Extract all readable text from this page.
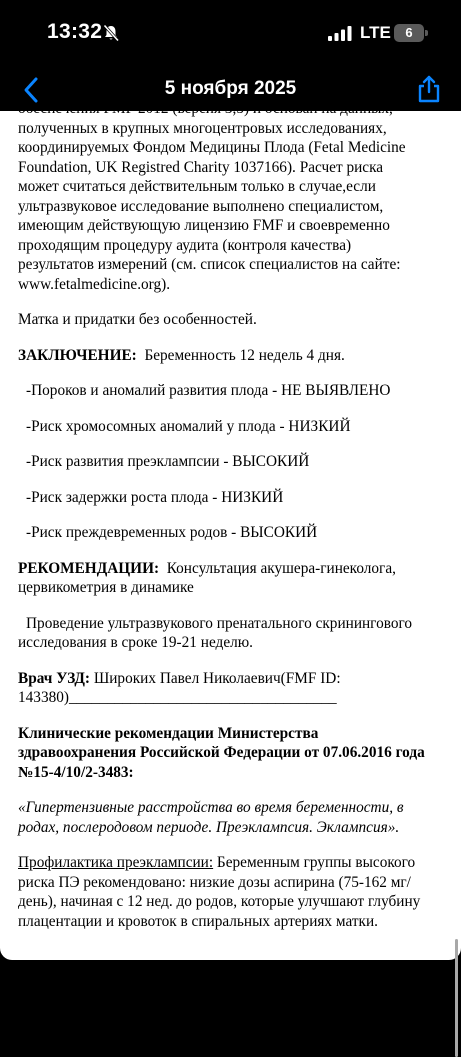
13:32	LTE	6
5 ноября 2025
обеспечения FMF 2012 (версия 3,5) и основан на данных,
полученных в крупных многоцентровых исследованиях,
координируемых Фондом Медицины Плода (Fetal Medicine
Foundation, UK Registred Charity 1037166). Расчет риска
может считаться действительным только в случае,если
ультразвуковое исследование выполнено специалистом,
имеющим действующую лицензию FMF и своевременно
проходящим процедуру аудита (контроля качества)
результатов измерений (см. список специалистов на сайте:
www.fetalmedicine.org).
Матка и придатки без особенностей.
ЗАКЛЮЧЕНИЕ: Беременность 12 недель 4 дня.
-Пороков и аномалий развития плода - НЕ ВЫЯВЛЕНО
-Риск хромосомных аномалий у плода - НИЗКИЙ
-Риск развития преэклампсии - ВЫСОКИЙ
-Риск задержки роста плода - НИЗКИЙ
-Риск преждевременных родов - ВЫСОКИЙ
РЕКОМЕНДАЦИИ: Консультация акушера-гинеколога,
цервикометрия в динамике
Проведение ультразвукового пренатального скринингового
исследования в сроке 19-21 неделю.
Врач УЗД: Широких Павел Николаевич(FMF ID:
143380)___________________________________
Клинические рекомендации Министерства
здравоохранения Российской Федерации от 07.06.2016 года
№15-4/10/2-3483:
«Гипертензивные расстройства во время беременности, в
родах, послеродовом периоде. Преэклампсия. Эклампсия».
Профилактика преэклампсии: Беременным группы высокого
риска ПЭ рекомендовано: низкие дозы аспирина (75-162 мг/
день), начиная с 12 нед. до родов, которые улучшают глубину
плацентации и кровоток в спиральных артериях матки.
